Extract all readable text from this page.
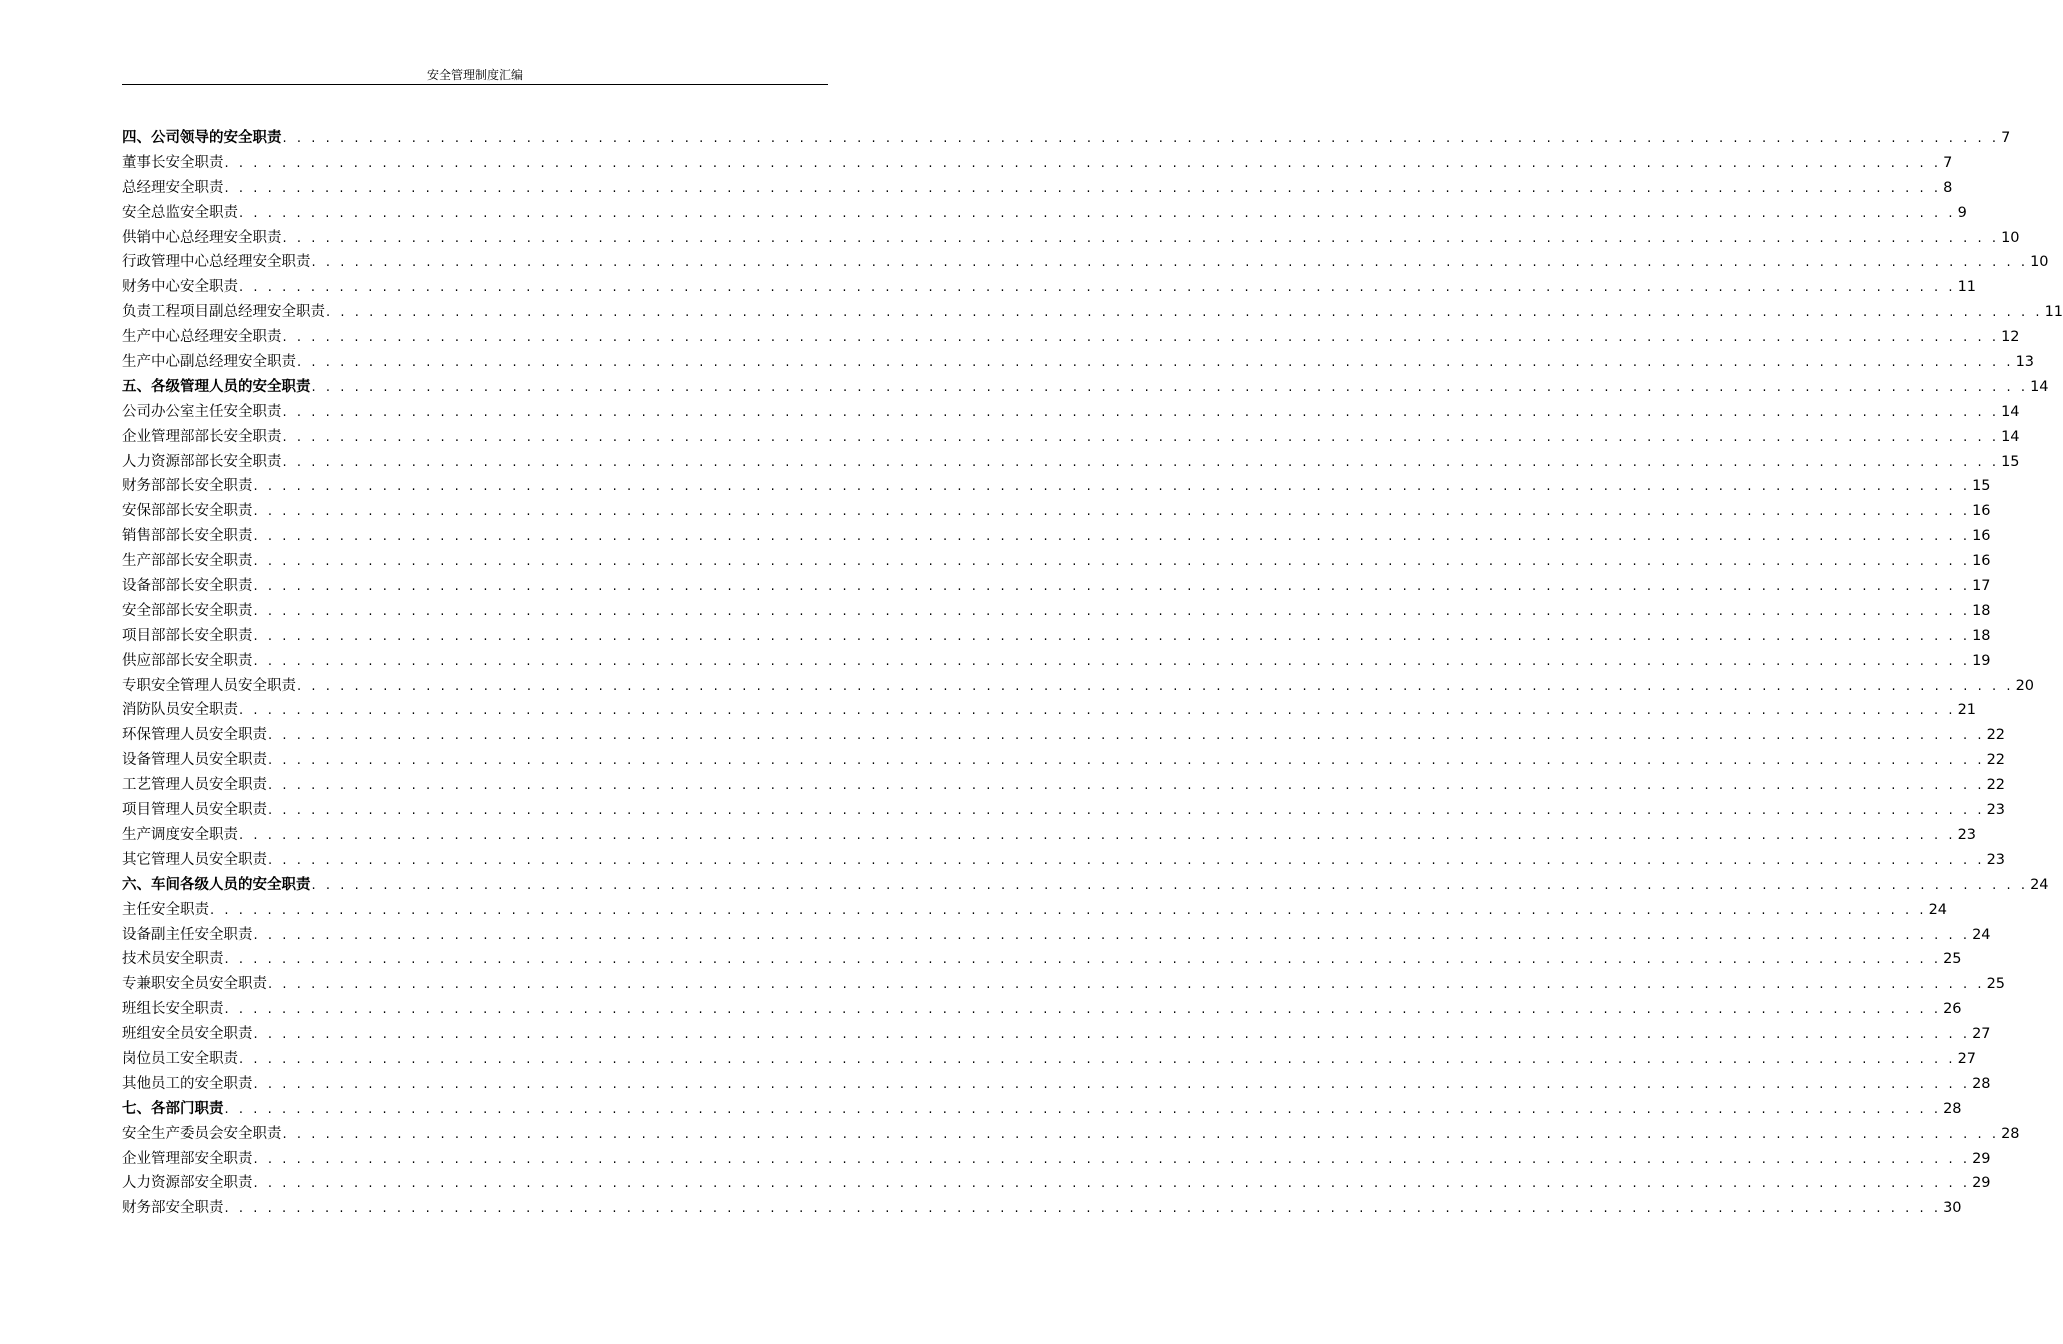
安全管理制度汇编
四、公司领导的安全职责 . . . . . . . . . . . . . . . . . . . . . . . . . . . . . . . . . . . . . . . . . . . . . . . . . . . . . . . . . . . . . . . . . . . . . . . . . . . . . . . . . . . . . . . . . . . . . . . . . . . . . . . . . . . . . . . . . . . . . . . . 7
董事长安全职责 . . . . . . . . . . . . . . . . . . . . . . . . . . . . . . . . . . . . . . . . . . . . . . . . . . . . . . . . . . . . . . . . . . . . . . . . . . . . . . . . . . . . . . . . . . . . . . . . . . . . . . . . . . . . . . . . . . . . . . . . 7
总经理安全职责 . . . . . . . . . . . . . . . . . . . . . . . . . . . . . . . . . . . . . . . . . . . . . . . . . . . . . . . . . . . . . . . . . . . . . . . . . . . . . . . . . . . . . . . . . . . . . . . . . . . . . . . . . . . . . . . . . . . . . . . . 8
安全总监安全职责 . . . . . . . . . . . . . . . . . . . . . . . . . . . . . . . . . . . . . . . . . . . . . . . . . . . . . . . . . . . . . . . . . . . . . . . . . . . . . . . . . . . . . . . . . . . . . . . . . . . . . . . . . . . . . . . . . . . . . . . . 9
供销中心总经理安全职责 . . . . . . . . . . . . . . . . . . . . . . . . . . . . . . . . . . . . . . . . . . . . . . . . . . . . . . . . . . . . . . . . . . . . . . . . . . . . . . . . . . . . . . . . . . . . . . . . . . . . . . . . . . . . . . . . . . . . . . . . 10
行政管理中心总经理安全职责 . . . . . . . . . . . . . . . . . . . . . . . . . . . . . . . . . . . . . . . . . . . . . . . . . . . . . . . . . . . . . . . . . . . . . . . . . . . . . . . . . . . . . . . . . . . . . . . . . . . . . . . . . . . . . . . . . . . . . . . . 10
财务中心安全职责 . . . . . . . . . . . . . . . . . . . . . . . . . . . . . . . . . . . . . . . . . . . . . . . . . . . . . . . . . . . . . . . . . . . . . . . . . . . . . . . . . . . . . . . . . . . . . . . . . . . . . . . . . . . . . . . . . . . . . . . . 11
负责工程项目副总经理安全职责 . . . . . . . . . . . . . . . . . . . . . . . . . . . . . . . . . . . . . . . . . . . . . . . . . . . . . . . . . . . . . . . . . . . . . . . . . . . . . . . . . . . . . . . . . . . . . . . . . . . . . . . . . . . . . . . . . . . . . . . . 11
生产中心总经理安全职责 . . . . . . . . . . . . . . . . . . . . . . . . . . . . . . . . . . . . . . . . . . . . . . . . . . . . . . . . . . . . . . . . . . . . . . . . . . . . . . . . . . . . . . . . . . . . . . . . . . . . . . . . . . . . . . . . . . . . . . . . 12
生产中心副总经理安全职责 . . . . . . . . . . . . . . . . . . . . . . . . . . . . . . . . . . . . . . . . . . . . . . . . . . . . . . . . . . . . . . . . . . . . . . . . . . . . . . . . . . . . . . . . . . . . . . . . . . . . . . . . . . . . . . . . . . . . . . . . 13
五、各级管理人员的安全职责 . . . . . . . . . . . . . . . . . . . . . . . . . . . . . . . . . . . . . . . . . . . . . . . . . . . . . . . . . . . . . . . . . . . . . . . . . . . . . . . . . . . . . . . . . . . . . . . . . . . . . . . . . . . . . . . . . . . . . . . . 14
公司办公室主任安全职责 . . . . . . . . . . . . . . . . . . . . . . . . . . . . . . . . . . . . . . . . . . . . . . . . . . . . . . . . . . . . . . . . . . . . . . . . . . . . . . . . . . . . . . . . . . . . . . . . . . . . . . . . . . . . . . . . . . . . . . . . 14
企业管理部部长安全职责 . . . . . . . . . . . . . . . . . . . . . . . . . . . . . . . . . . . . . . . . . . . . . . . . . . . . . . . . . . . . . . . . . . . . . . . . . . . . . . . . . . . . . . . . . . . . . . . . . . . . . . . . . . . . . . . . . . . . . . . . 14
人力资源部部长安全职责 . . . . . . . . . . . . . . . . . . . . . . . . . . . . . . . . . . . . . . . . . . . . . . . . . . . . . . . . . . . . . . . . . . . . . . . . . . . . . . . . . . . . . . . . . . . . . . . . . . . . . . . . . . . . . . . . . . . . . . . . 15
财务部部长安全职责 . . . . . . . . . . . . . . . . . . . . . . . . . . . . . . . . . . . . . . . . . . . . . . . . . . . . . . . . . . . . . . . . . . . . . . . . . . . . . . . . . . . . . . . . . . . . . . . . . . . . . . . . . . . . . . . . . . . . . . . . 15
安保部部长安全职责 . . . . . . . . . . . . . . . . . . . . . . . . . . . . . . . . . . . . . . . . . . . . . . . . . . . . . . . . . . . . . . . . . . . . . . . . . . . . . . . . . . . . . . . . . . . . . . . . . . . . . . . . . . . . . . . . . . . . . . . . 16
销售部部长安全职责 . . . . . . . . . . . . . . . . . . . . . . . . . . . . . . . . . . . . . . . . . . . . . . . . . . . . . . . . . . . . . . . . . . . . . . . . . . . . . . . . . . . . . . . . . . . . . . . . . . . . . . . . . . . . . . . . . . . . . . . . 16
生产部部长安全职责 . . . . . . . . . . . . . . . . . . . . . . . . . . . . . . . . . . . . . . . . . . . . . . . . . . . . . . . . . . . . . . . . . . . . . . . . . . . . . . . . . . . . . . . . . . . . . . . . . . . . . . . . . . . . . . . . . . . . . . . . 16
设备部部长安全职责 . . . . . . . . . . . . . . . . . . . . . . . . . . . . . . . . . . . . . . . . . . . . . . . . . . . . . . . . . . . . . . . . . . . . . . . . . . . . . . . . . . . . . . . . . . . . . . . . . . . . . . . . . . . . . . . . . . . . . . . . 17
安全部部长安全职责 . . . . . . . . . . . . . . . . . . . . . . . . . . . . . . . . . . . . . . . . . . . . . . . . . . . . . . . . . . . . . . . . . . . . . . . . . . . . . . . . . . . . . . . . . . . . . . . . . . . . . . . . . . . . . . . . . . . . . . . . 18
项目部部长安全职责 . . . . . . . . . . . . . . . . . . . . . . . . . . . . . . . . . . . . . . . . . . . . . . . . . . . . . . . . . . . . . . . . . . . . . . . . . . . . . . . . . . . . . . . . . . . . . . . . . . . . . . . . . . . . . . . . . . . . . . . . 18
供应部部长安全职责 . . . . . . . . . . . . . . . . . . . . . . . . . . . . . . . . . . . . . . . . . . . . . . . . . . . . . . . . . . . . . . . . . . . . . . . . . . . . . . . . . . . . . . . . . . . . . . . . . . . . . . . . . . . . . . . . . . . . . . . . 19
专职安全管理人员安全职责 . . . . . . . . . . . . . . . . . . . . . . . . . . . . . . . . . . . . . . . . . . . . . . . . . . . . . . . . . . . . . . . . . . . . . . . . . . . . . . . . . . . . . . . . . . . . . . . . . . . . . . . . . . . . . . . . . . . . . . . . 20
消防队员安全职责 . . . . . . . . . . . . . . . . . . . . . . . . . . . . . . . . . . . . . . . . . . . . . . . . . . . . . . . . . . . . . . . . . . . . . . . . . . . . . . . . . . . . . . . . . . . . . . . . . . . . . . . . . . . . . . . . . . . . . . . . 21
环保管理人员安全职责 . . . . . . . . . . . . . . . . . . . . . . . . . . . . . . . . . . . . . . . . . . . . . . . . . . . . . . . . . . . . . . . . . . . . . . . . . . . . . . . . . . . . . . . . . . . . . . . . . . . . . . . . . . . . . . . . . . . . . . . . 22
设备管理人员安全职责 . . . . . . . . . . . . . . . . . . . . . . . . . . . . . . . . . . . . . . . . . . . . . . . . . . . . . . . . . . . . . . . . . . . . . . . . . . . . . . . . . . . . . . . . . . . . . . . . . . . . . . . . . . . . . . . . . . . . . . . . 22
工艺管理人员安全职责 . . . . . . . . . . . . . . . . . . . . . . . . . . . . . . . . . . . . . . . . . . . . . . . . . . . . . . . . . . . . . . . . . . . . . . . . . . . . . . . . . . . . . . . . . . . . . . . . . . . . . . . . . . . . . . . . . . . . . . . . 22
项目管理人员安全职责 . . . . . . . . . . . . . . . . . . . . . . . . . . . . . . . . . . . . . . . . . . . . . . . . . . . . . . . . . . . . . . . . . . . . . . . . . . . . . . . . . . . . . . . . . . . . . . . . . . . . . . . . . . . . . . . . . . . . . . . . 23
生产调度安全职责 . . . . . . . . . . . . . . . . . . . . . . . . . . . . . . . . . . . . . . . . . . . . . . . . . . . . . . . . . . . . . . . . . . . . . . . . . . . . . . . . . . . . . . . . . . . . . . . . . . . . . . . . . . . . . . . . . . . . . . . . 23
其它管理人员安全职责 . . . . . . . . . . . . . . . . . . . . . . . . . . . . . . . . . . . . . . . . . . . . . . . . . . . . . . . . . . . . . . . . . . . . . . . . . . . . . . . . . . . . . . . . . . . . . . . . . . . . . . . . . . . . . . . . . . . . . . . . 23
六、车间各级人员的安全职责 . . . . . . . . . . . . . . . . . . . . . . . . . . . . . . . . . . . . . . . . . . . . . . . . . . . . . . . . . . . . . . . . . . . . . . . . . . . . . . . . . . . . . . . . . . . . . . . . . . . . . . . . . . . . . . . . . . . . . . . . 24
主任安全职责 . . . . . . . . . . . . . . . . . . . . . . . . . . . . . . . . . . . . . . . . . . . . . . . . . . . . . . . . . . . . . . . . . . . . . . . . . . . . . . . . . . . . . . . . . . . . . . . . . . . . . . . . . . . . . . . . . . . . . . . . 24
设备副主任安全职责 . . . . . . . . . . . . . . . . . . . . . . . . . . . . . . . . . . . . . . . . . . . . . . . . . . . . . . . . . . . . . . . . . . . . . . . . . . . . . . . . . . . . . . . . . . . . . . . . . . . . . . . . . . . . . . . . . . . . . . . . 24
技术员安全职责 . . . . . . . . . . . . . . . . . . . . . . . . . . . . . . . . . . . . . . . . . . . . . . . . . . . . . . . . . . . . . . . . . . . . . . . . . . . . . . . . . . . . . . . . . . . . . . . . . . . . . . . . . . . . . . . . . . . . . . . . 25
专兼职安全员安全职责 . . . . . . . . . . . . . . . . . . . . . . . . . . . . . . . . . . . . . . . . . . . . . . . . . . . . . . . . . . . . . . . . . . . . . . . . . . . . . . . . . . . . . . . . . . . . . . . . . . . . . . . . . . . . . . . . . . . . . . . . 25
班组长安全职责 . . . . . . . . . . . . . . . . . . . . . . . . . . . . . . . . . . . . . . . . . . . . . . . . . . . . . . . . . . . . . . . . . . . . . . . . . . . . . . . . . . . . . . . . . . . . . . . . . . . . . . . . . . . . . . . . . . . . . . . . 26
班组安全员安全职责 . . . . . . . . . . . . . . . . . . . . . . . . . . . . . . . . . . . . . . . . . . . . . . . . . . . . . . . . . . . . . . . . . . . . . . . . . . . . . . . . . . . . . . . . . . . . . . . . . . . . . . . . . . . . . . . . . . . . . . . . 27
岗位员工安全职责 . . . . . . . . . . . . . . . . . . . . . . . . . . . . . . . . . . . . . . . . . . . . . . . . . . . . . . . . . . . . . . . . . . . . . . . . . . . . . . . . . . . . . . . . . . . . . . . . . . . . . . . . . . . . . . . . . . . . . . . . 27
其他员工的安全职责 . . . . . . . . . . . . . . . . . . . . . . . . . . . . . . . . . . . . . . . . . . . . . . . . . . . . . . . . . . . . . . . . . . . . . . . . . . . . . . . . . . . . . . . . . . . . . . . . . . . . . . . . . . . . . . . . . . . . . . . . 28
七、各部门职责 . . . . . . . . . . . . . . . . . . . . . . . . . . . . . . . . . . . . . . . . . . . . . . . . . . . . . . . . . . . . . . . . . . . . . . . . . . . . . . . . . . . . . . . . . . . . . . . . . . . . . . . . . . . . . . . . . . . . . . . . 28
安全生产委员会安全职责 . . . . . . . . . . . . . . . . . . . . . . . . . . . . . . . . . . . . . . . . . . . . . . . . . . . . . . . . . . . . . . . . . . . . . . . . . . . . . . . . . . . . . . . . . . . . . . . . . . . . . . . . . . . . . . . . . . . . . . . . 28
企业管理部安全职责 . . . . . . . . . . . . . . . . . . . . . . . . . . . . . . . . . . . . . . . . . . . . . . . . . . . . . . . . . . . . . . . . . . . . . . . . . . . . . . . . . . . . . . . . . . . . . . . . . . . . . . . . . . . . . . . . . . . . . . . . 29
人力资源部安全职责 . . . . . . . . . . . . . . . . . . . . . . . . . . . . . . . . . . . . . . . . . . . . . . . . . . . . . . . . . . . . . . . . . . . . . . . . . . . . . . . . . . . . . . . . . . . . . . . . . . . . . . . . . . . . . . . . . . . . . . . . 29
财务部安全职责 . . . . . . . . . . . . . . . . . . . . . . . . . . . . . . . . . . . . . . . . . . . . . . . . . . . . . . . . . . . . . . . . . . . . . . . . . . . . . . . . . . . . . . . . . . . . . . . . . . . . . . . . . . . . . . . . . . . . . . . . 30
